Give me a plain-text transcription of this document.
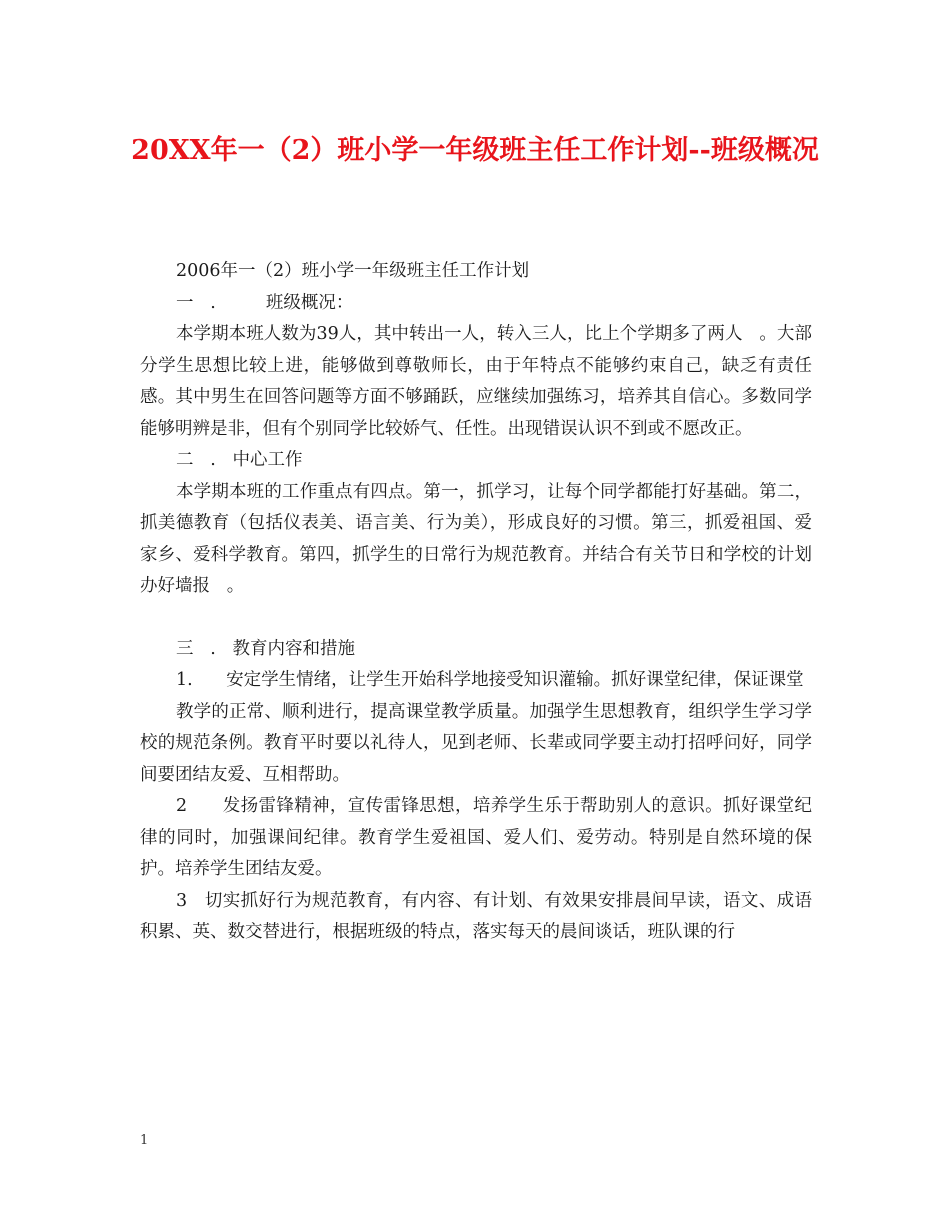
20XX年一（2）班小学一年级班主任工作计划--班级概况

2006年一（2）班小学一年级班主任工作计划

一   .         班级概况：

本学期本班人数为39人，其中转出一人，转入三人，比上个学期多了两人   。大部分学生思想比较上进，能够做到尊敬师长，由于年特点不能够约束自己，缺乏有责任感。其中男生在回答问题等方面不够踊跃，应继续加强练习，培养其自信心。多数同学能够明辨是非，但有个别同学比较娇气、任性。出现错误认识不到或不愿改正。

二   .   中心工作

本学期本班的工作重点有四点。第一，抓学习，让每个同学都能打好基础。第二，抓美德教育（包括仪表美、语言美、行为美），形成良好的习惯。第三，抓爱祖国、爱家乡、爱科学教育。第四，抓学生的日常行为规范教育。并结合有关节日和学校的计划办好墙报   。

三   .   教育内容和措施

1.      安定学生情绪，让学生开始科学地接受知识灌输。抓好课堂纪律，保证课堂

教学的正常、顺利进行，提高课堂教学质量。加强学生思想教育，组织学生学习学校的规范条例。教育平时要以礼待人，见到老师、长辈或同学要主动打招呼问好，同学间要团结友爱、互相帮助。

2      发扬雷锋精神，宣传雷锋思想，培养学生乐于帮助别人的意识。抓好课堂纪律的同时，加强课间纪律。教育学生爱祖国、爱人们、爱劳动。特别是自然环境的保护。培养学生团结友爱。

3   切实抓好行为规范教育，有内容、有计划、有效果安排晨间早读，语文、成语积累、英、数交替进行，根据班级的特点，落实每天的晨间谈话，班队课的行

1
